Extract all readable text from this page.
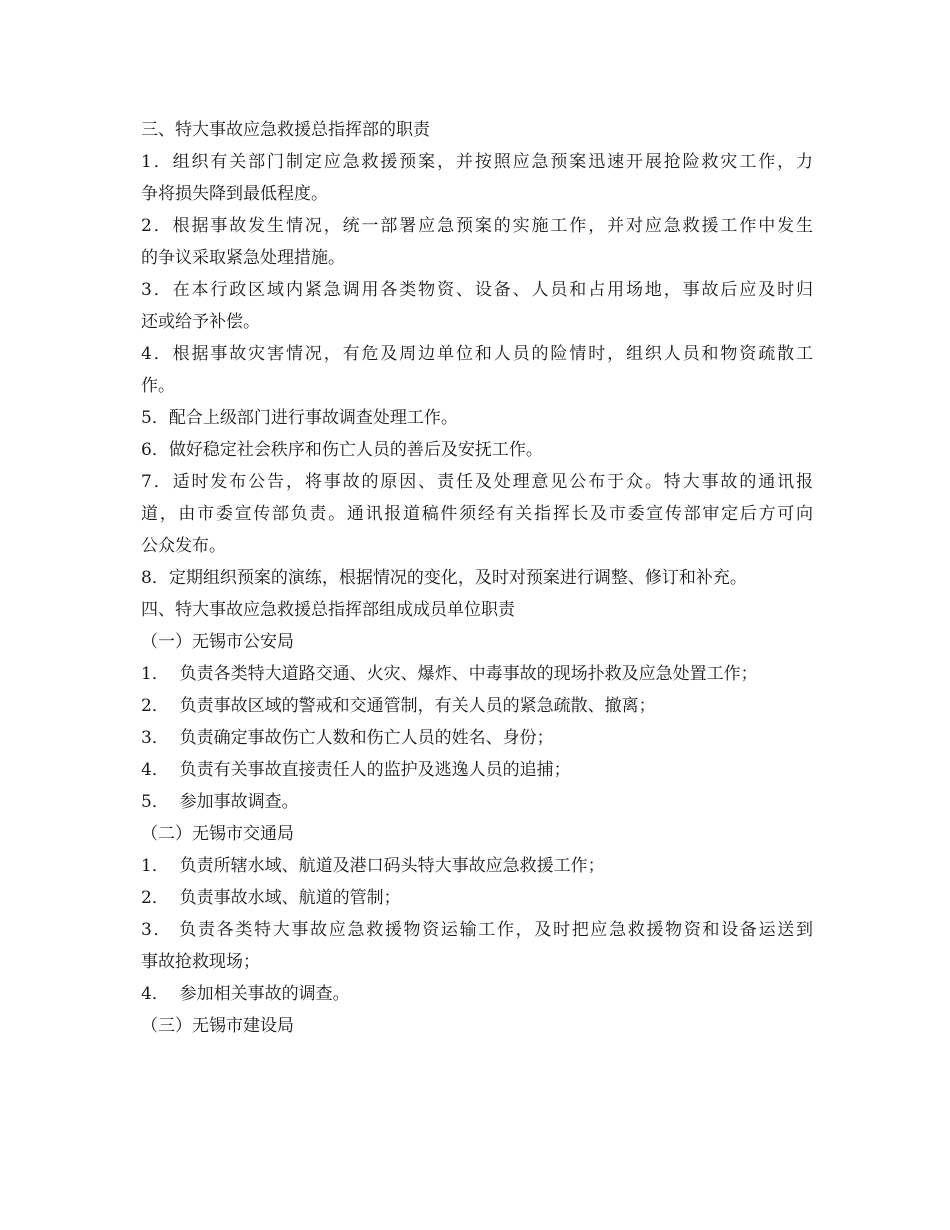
三、特大事故应急救援总指挥部的职责
1．组织有关部门制定应急救援预案，并按照应急预案迅速开展抢险救灾工作，力
争将损失降到最低程度。
2．根据事故发生情况，统一部署应急预案的实施工作，并对应急救援工作中发生
的争议采取紧急处理措施。
3．在本行政区域内紧急调用各类物资、设备、人员和占用场地，事故后应及时归
还或给予补偿。
4．根据事故灾害情况，有危及周边单位和人员的险情时，组织人员和物资疏散工
作。
5．配合上级部门进行事故调查处理工作。
6．做好稳定社会秩序和伤亡人员的善后及安抚工作。
7．适时发布公告，将事故的原因、责任及处理意见公布于众。特大事故的通讯报
道，由市委宣传部负责。通讯报道稿件须经有关指挥长及市委宣传部审定后方可向
公众发布。
8．定期组织预案的演练，根据情况的变化，及时对预案进行调整、修订和补充。
四、特大事故应急救援总指挥部组成成员单位职责
（一）无锡市公安局
1．  负责各类特大道路交通、火灾、爆炸、中毒事故的现场扑救及应急处置工作；
2．  负责事故区域的警戒和交通管制，有关人员的紧急疏散、撤离；
3．  负责确定事故伤亡人数和伤亡人员的姓名、身份；
4．  负责有关事故直接责任人的监护及逃逸人员的追捕；
5．  参加事故调查。
（二）无锡市交通局
1．  负责所辖水域、航道及港口码头特大事故应急救援工作；
2．  负责事故水域、航道的管制；
3． 负责各类特大事故应急救援物资运输工作，及时把应急救援物资和设备运送到
事故抢救现场；
4．  参加相关事故的调查。
（三）无锡市建设局
